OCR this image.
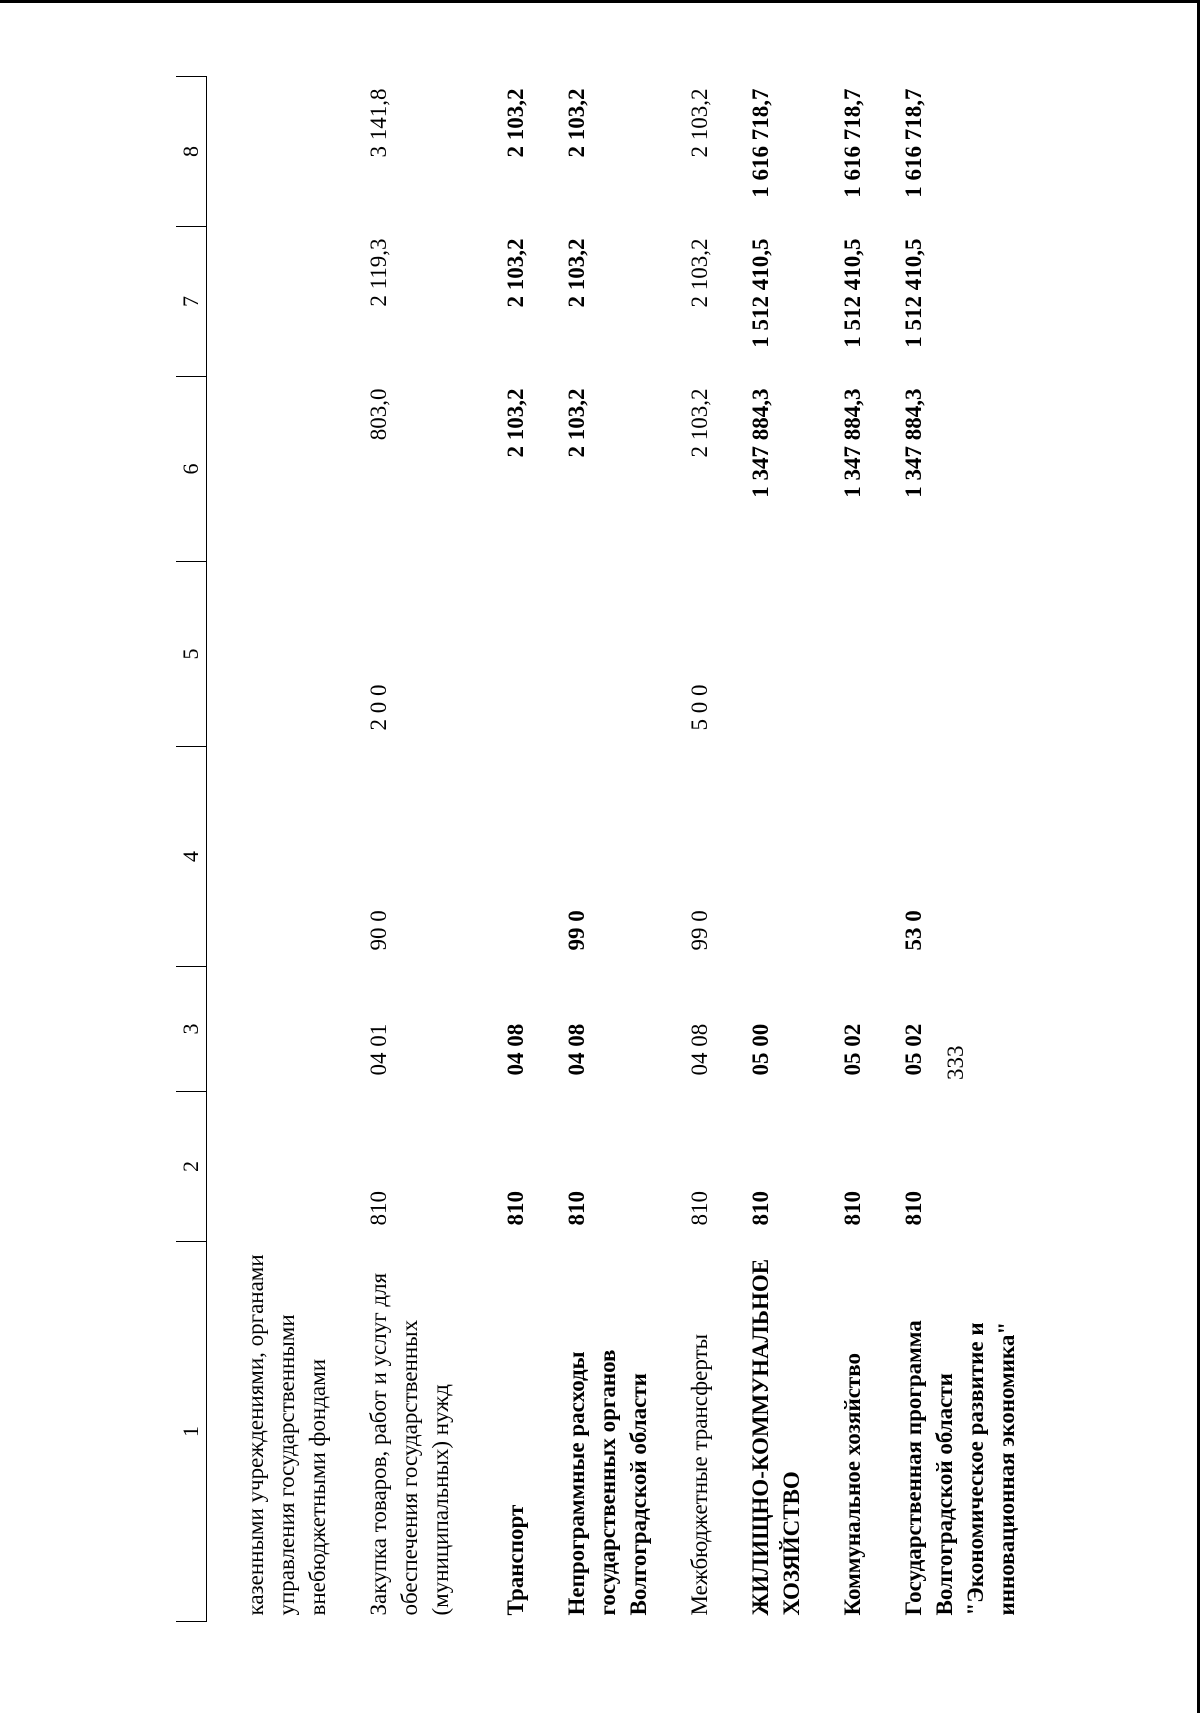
333
1	2	3	4	5	6	7	8
казенными учреждениями, органами управления государственными внебюджетными фондами							

Закупка товаров, работ и услуг для обеспечения государственных (муниципальных) нужд	810	04 01	90 0	2 0 0	803,0	2 119,3	3 141,8

Транспорт	810	04 08			2 103,2	2 103,2	2 103,2

Непрограммные расходы государственных органов Волгоградской области	810	04 08	99 0		2 103,2	2 103,2	2 103,2

Межбюджетные трансферты	810	04 08	99 0	5 0 0	2 103,2	2 103,2	2 103,2

ЖИЛИЩНО-КОММУНАЛЬНОЕ ХОЗЯЙСТВО	810	05 00			1 347 884,3	1 512 410,5	1 616 718,7

Коммунальное хозяйство	810	05 02			1 347 884,3	1 512 410,5	1 616 718,7

Государственная программа Волгоградской области "Экономическое развитие и инновационная экономика"	810	05 02	53 0		1 347 884,3	1 512 410,5	1 616 718,7
